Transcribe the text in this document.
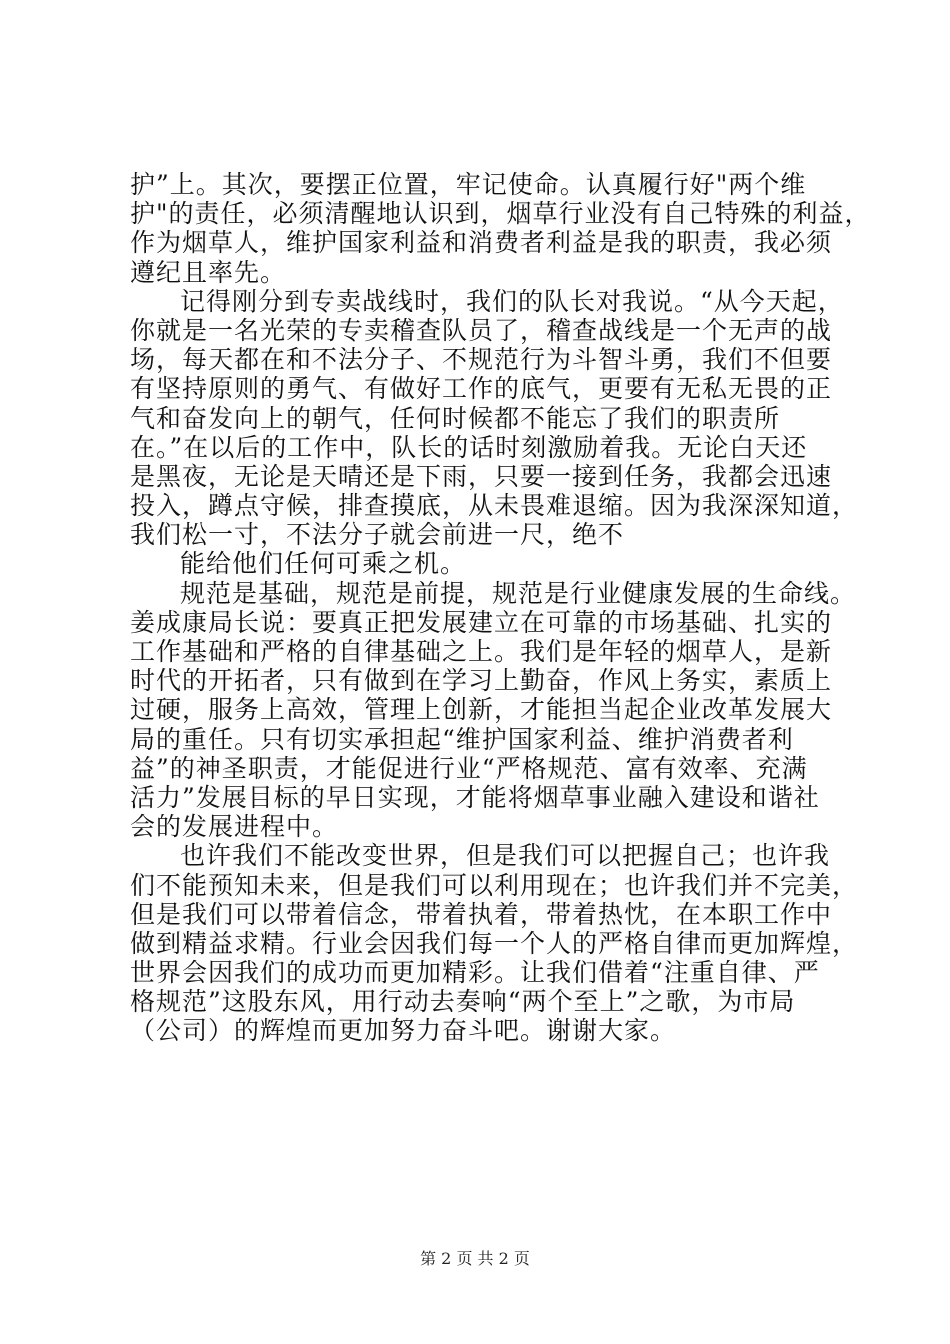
护”上。其次，要摆正位置，牢记使命。认真履行好"两个维
护"的责任，必须清醒地认识到，烟草行业没有自己特殊的利益，
作为烟草人，维护国家利益和消费者利益是我的职责，我必须
遵纪且率先。
记得刚分到专卖战线时，我们的队长对我说。“从今天起，
你就是一名光荣的专卖稽查队员了，稽查战线是一个无声的战
场，每天都在和不法分子、不规范行为斗智斗勇，我们不但要
有坚持原则的勇气、有做好工作的底气，更要有无私无畏的正
气和奋发向上的朝气，任何时候都不能忘了我们的职责所
在。”在以后的工作中，队长的话时刻激励着我。无论白天还
是黑夜，无论是天晴还是下雨，只要一接到任务，我都会迅速
投入，蹲点守候，排查摸底，从未畏难退缩。因为我深深知道，
我们松一寸，不法分子就会前进一尺，绝不
能给他们任何可乘之机。
规范是基础，规范是前提，规范是行业健康发展的生命线。
姜成康局长说：要真正把发展建立在可靠的市场基础、扎实的
工作基础和严格的自律基础之上。我们是年轻的烟草人，是新
时代的开拓者，只有做到在学习上勤奋，作风上务实，素质上
过硬，服务上高效，管理上创新，才能担当起企业改革发展大
局的重任。只有切实承担起“维护国家利益、维护消费者利
益”的神圣职责，才能促进行业“严格规范、富有效率、充满
活力”发展目标的早日实现，才能将烟草事业融入建设和谐社
会的发展进程中。
也许我们不能改变世界，但是我们可以把握自己；也许我
们不能预知未来，但是我们可以利用现在；也许我们并不完美，
但是我们可以带着信念，带着执着，带着热忱，在本职工作中
做到精益求精。行业会因我们每一个人的严格自律而更加辉煌，
世界会因我们的成功而更加精彩。让我们借着“注重自律、严
格规范”这股东风，用行动去奏响“两个至上”之歌，为市局
（公司）的辉煌而更加努力奋斗吧。谢谢大家。
第 2 页 共 2 页
